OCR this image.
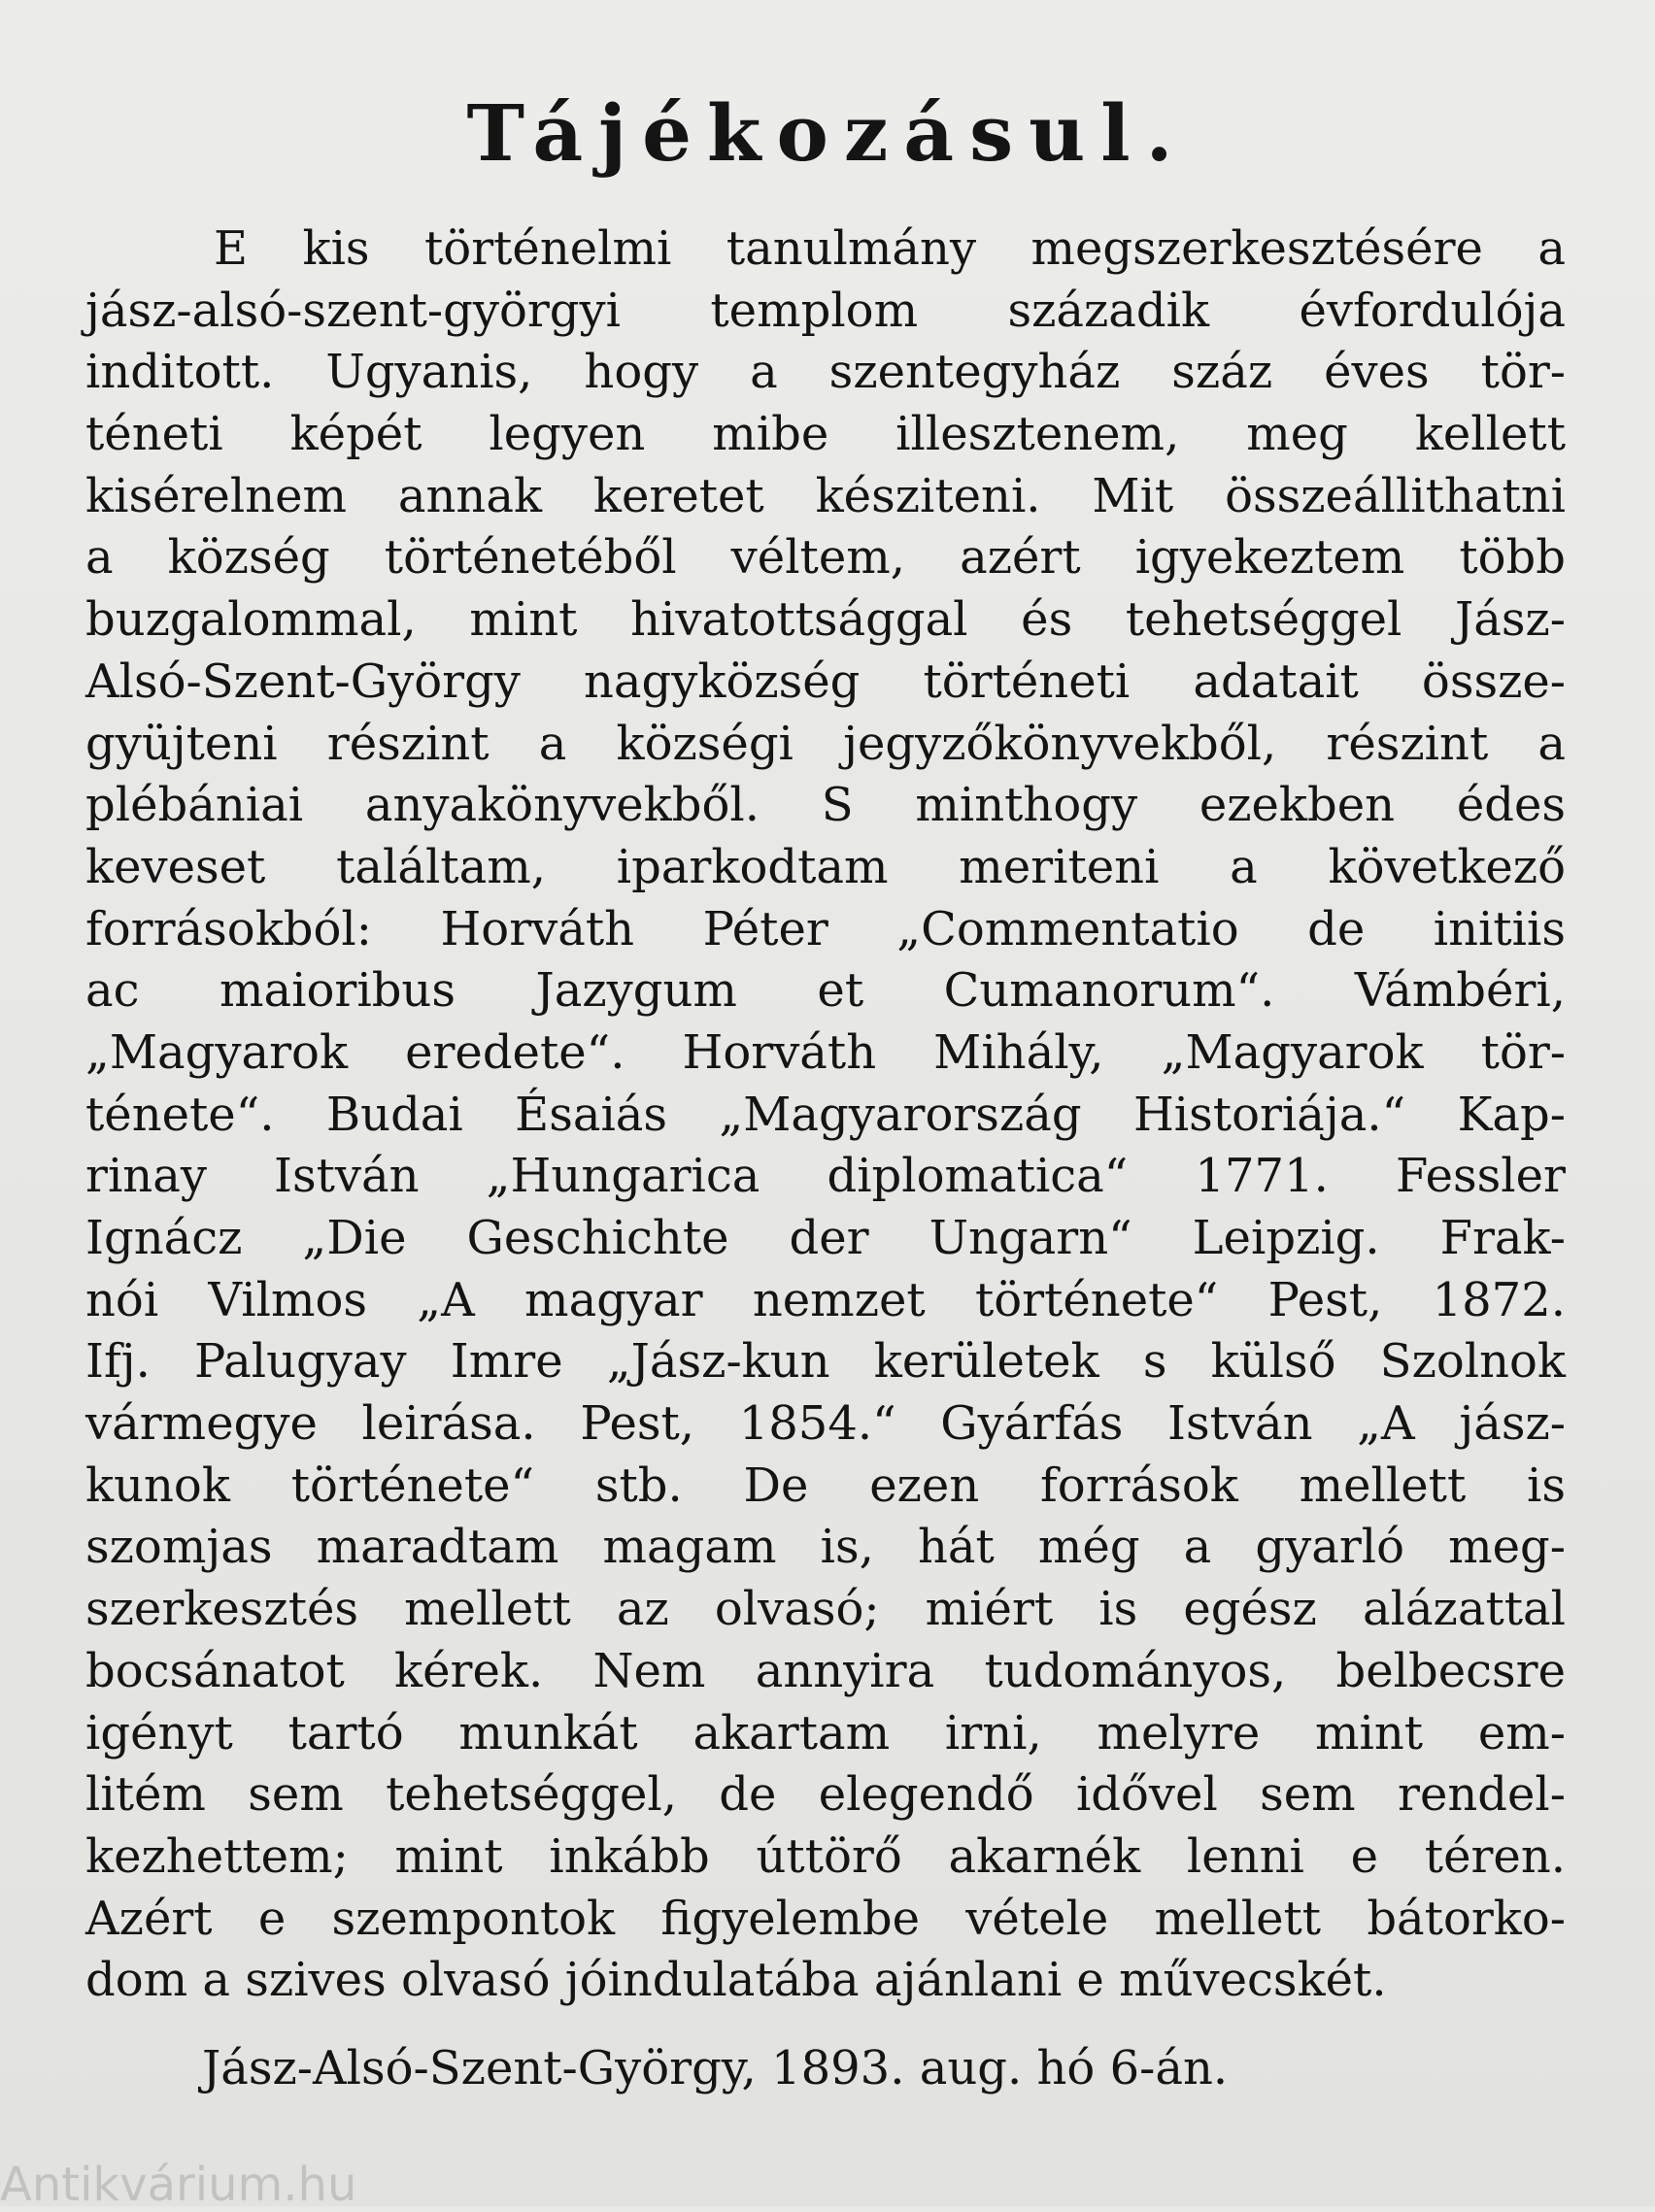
Tájékozásul.
E kis történelmi tanulmány megszerkesztésére a
jász-alsó-szent-györgyi templom századik évfordulója
inditott. Ugyanis, hogy a szentegyház száz éves tör-
téneti képét legyen mibe illesztenem, meg kellett
kisérelnem annak keretet késziteni. Mit összeállithatni
a község történetéből véltem, azért igyekeztem több
buzgalommal, mint hivatottsággal és tehetséggel Jász-
Alsó-Szent-György nagyközség történeti adatait össze-
gyüjteni részint a községi jegyzőkönyvekből, részint a
plébániai anyakönyvekből. S minthogy ezekben édes
keveset találtam, iparkodtam meriteni a következő
forrásokból: Horváth Péter „Commentatio de initiis
ac maioribus Jazygum et Cumanorum“. Vámbéri,
„Magyarok eredete“. Horváth Mihály, „Magyarok tör-
ténete“. Budai Ésaiás „Magyarország Historiája.“ Kap-
rinay István „Hungarica diplomatica“ 1771. Fessler
Ignácz „Die Geschichte der Ungarn“ Leipzig. Frak-
nói Vilmos „A magyar nemzet története“ Pest, 1872.
Ifj. Palugyay Imre „Jász-kun kerületek s külső Szolnok
vármegye leirása. Pest, 1854.“ Gyárfás István „A jász-
kunok története“ stb. De ezen források mellett is
szomjas maradtam magam is, hát még a gyarló meg-
szerkesztés mellett az olvasó; miért is egész alázattal
bocsánatot kérek. Nem annyira tudományos, belbecsre
igényt tartó munkát akartam irni, melyre mint em-
litém sem tehetséggel, de elegendő idővel sem rendel-
kezhettem; mint inkább úttörő akarnék lenni e téren.
Azért e szempontok figyelembe vétele mellett bátorko-
dom a szives olvasó jóindulatába ajánlani e művecskét.
Jász-Alsó-Szent-György, 1893. aug. hó 6-án.
Antikvárium.hu
